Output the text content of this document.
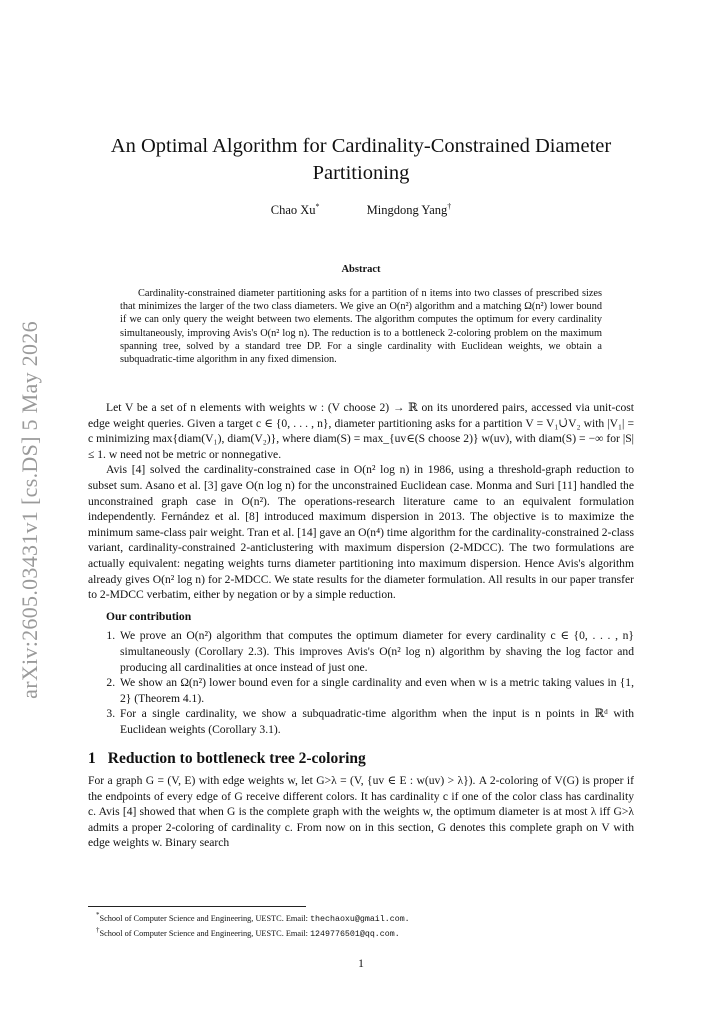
arXiv:2605.03431v1 [cs.DS] 5 May 2026
An Optimal Algorithm for Cardinality-Constrained Diameter Partitioning
Chao Xu*	Mingdong Yang†
Abstract
Cardinality-constrained diameter partitioning asks for a partition of n items into two classes of prescribed sizes that minimizes the larger of the two class diameters. We give an O(n²) algorithm and a matching Ω(n²) lower bound if we can only query the weight between two elements. The algorithm computes the optimum for every cardinality simultaneously, improving Avis's O(n² log n). The reduction is to a bottleneck 2-coloring problem on the maximum spanning tree, solved by a standard tree DP. For a single cardinality with Euclidean weights, we obtain a subquadratic-time algorithm in any fixed dimension.

Let V be a set of n elements with weights w : (V choose 2) → ℝ on its unordered pairs, accessed via unit-cost edge weight queries. Given a target c ∈ {0, . . . , n}, diameter partitioning asks for a partition V = V₁∪̇V₂ with |V₁| = c minimizing max{diam(V₁), diam(V₂)}, where diam(S) = max_{uv∈(S choose 2)} w(uv), with diam(S) = −∞ for |S| ≤ 1. w need not be metric or nonnegative.

Avis [4] solved the cardinality-constrained case in O(n² log n) in 1986, using a threshold-graph reduction to subset sum. Asano et al. [3] gave O(n log n) for the unconstrained Euclidean case. Monma and Suri [11] handled the unconstrained graph case in O(n²). The operations-research literature came to an equivalent formulation independently. Fernández et al. [8] introduced maximum dispersion in 2013. The objective is to maximize the minimum same-class pair weight. Tran et al. [14] gave an O(n⁴) time algorithm for the cardinality-constrained 2-class variant, cardinality-constrained 2-anticlustering with maximum dispersion (2-MDCC). The two formulations are actually equivalent: negating weights turns diameter partitioning into maximum dispersion. Hence Avis's algorithm already gives O(n² log n) for 2-MDCC. We state results for the diameter formulation. All results in our paper transfer to 2-MDCC verbatim, either by negation or by a simple reduction.

Our contribution
1. We prove an O(n²) algorithm that computes the optimum diameter for every cardinality c ∈ {0, . . . , n} simultaneously (Corollary 2.3). This improves Avis's O(n² log n) algorithm by shaving the log factor and producing all cardinalities at once instead of just one.
2. We show an Ω(n²) lower bound even for a single cardinality and even when w is a metric taking values in {1, 2} (Theorem 4.1).
3. For a single cardinality, we show a subquadratic-time algorithm when the input is n points in ℝᵈ with Euclidean weights (Corollary 3.1).
1 Reduction to bottleneck tree 2-coloring

For a graph G = (V, E) with edge weights w, let G>λ = (V, {uv ∈ E : w(uv) > λ}). A 2-coloring of V(G) is proper if the endpoints of every edge of G receive different colors. It has cardinality c if one of the color class has cardinality c. Avis [4] showed that when G is the complete graph with the weights w, the optimum diameter is at most λ iff G>λ admits a proper 2-coloring of cardinality c. From now on in this section, G denotes this complete graph on V with edge weights w. Binary search

*School of Computer Science and Engineering, UESTC. Email: thechaoxu@gmail.com.
†School of Computer Science and Engineering, UESTC. Email: 1249776501@qq.com.
1
